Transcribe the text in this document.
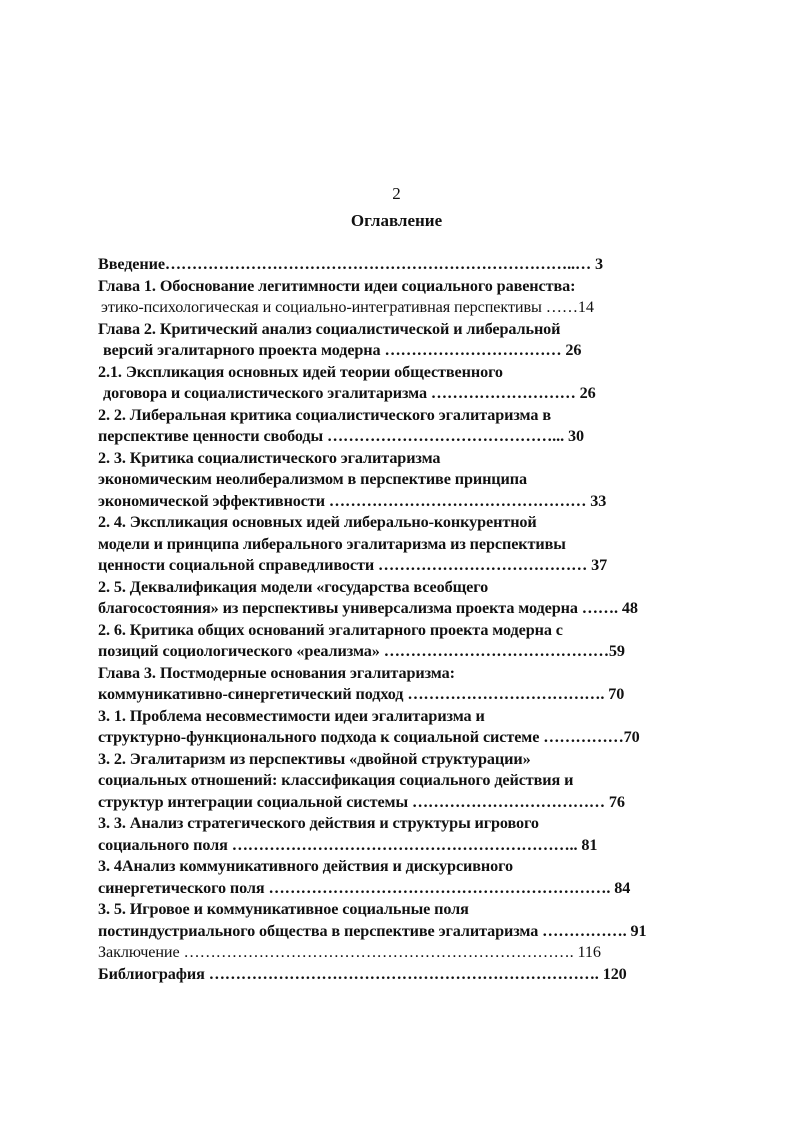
2
Оглавление
Введение…………………………………………………………………..… 3
Глава 1. Обоснование легитимности идеи социального равенства:
этико-психологическая и социально-интегративная перспективы ……14
Глава 2. Критический анализ социалистической и либеральной
версий эгалитарного проекта модерна …………………………… 26
2.1. Экспликация основных идей теории общественного
договора и социалистического эгалитаризма ……………………… 26
2. 2. Либеральная критика социалистического эгалитаризма в
перспективе ценности свободы ……………………………………... 30
2. 3. Критика социалистического эгалитаризма
экономическим неолиберализмом в перспективе принципа
экономической эффективности ………………………………………… 33
2. 4. Экспликация основных идей либерально-конкурентной
модели и принципа либерального эгалитаризма из перспективы
ценности социальной справедливости ………………………………… 37
2. 5. Деквалификация модели «государства всеобщего
благосостояния» из перспективы универсализма проекта модерна ……. 48
2. 6. Критика общих оснований эгалитарного проекта модерна с
позиций социологического «реализма» ……………………………………59
Глава 3. Постмодерные основания эгалитаризма:
коммуникативно-синергетический подход ………………………………. 70
3. 1. Проблема несовместимости идеи эгалитаризма и
структурно-функционального подхода к социальной системе ……………70
3. 2. Эгалитаризм из перспективы «двойной структурации»
социальных отношений: классификация социального действия и
структур интеграции социальной системы ……………………………… 76
3. 3. Анализ стратегического действия и структуры игрового
социального поля ……………………………………………………….. 81
3. 4Анализ коммуникативного действия и дискурсивного
синергетического поля ………………………………………………………. 84
3. 5. Игровое и коммуникативное социальные поля
постиндустриального общества в перспективе эгалитаризма ……………. 91
Заключение ………………………………………………………………. 116
Библиография ………………………………………………………………. 120
